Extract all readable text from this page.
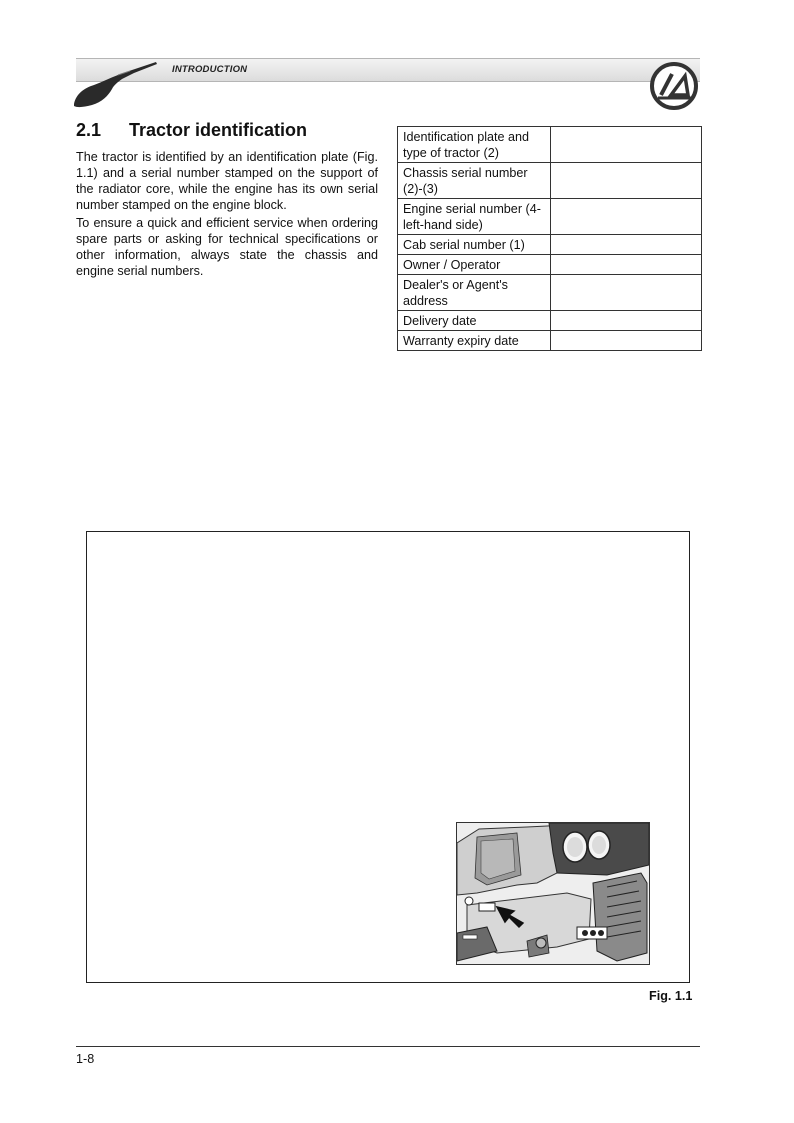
INTRODUCTION
2.1 Tractor identification

The tractor is identified by an identification plate (Fig. 1.1) and a serial number stamped on the support of the radiator core, while the engine has its own serial number stamped on the engine block.

To ensure a quick and efficient service when ordering spare parts or asking for technical specifications or other information, always state the chassis and engine serial numbers.

Identification plate and type of tractor (2)	
Chassis serial number (2)-(3)	
Engine serial number (4-left-hand side)	
Cab serial number (1)	
Owner / Operator	
Dealer's or Agent's address	
Delivery date	
Warranty expiry date	
Fig. 1.1
1-8
